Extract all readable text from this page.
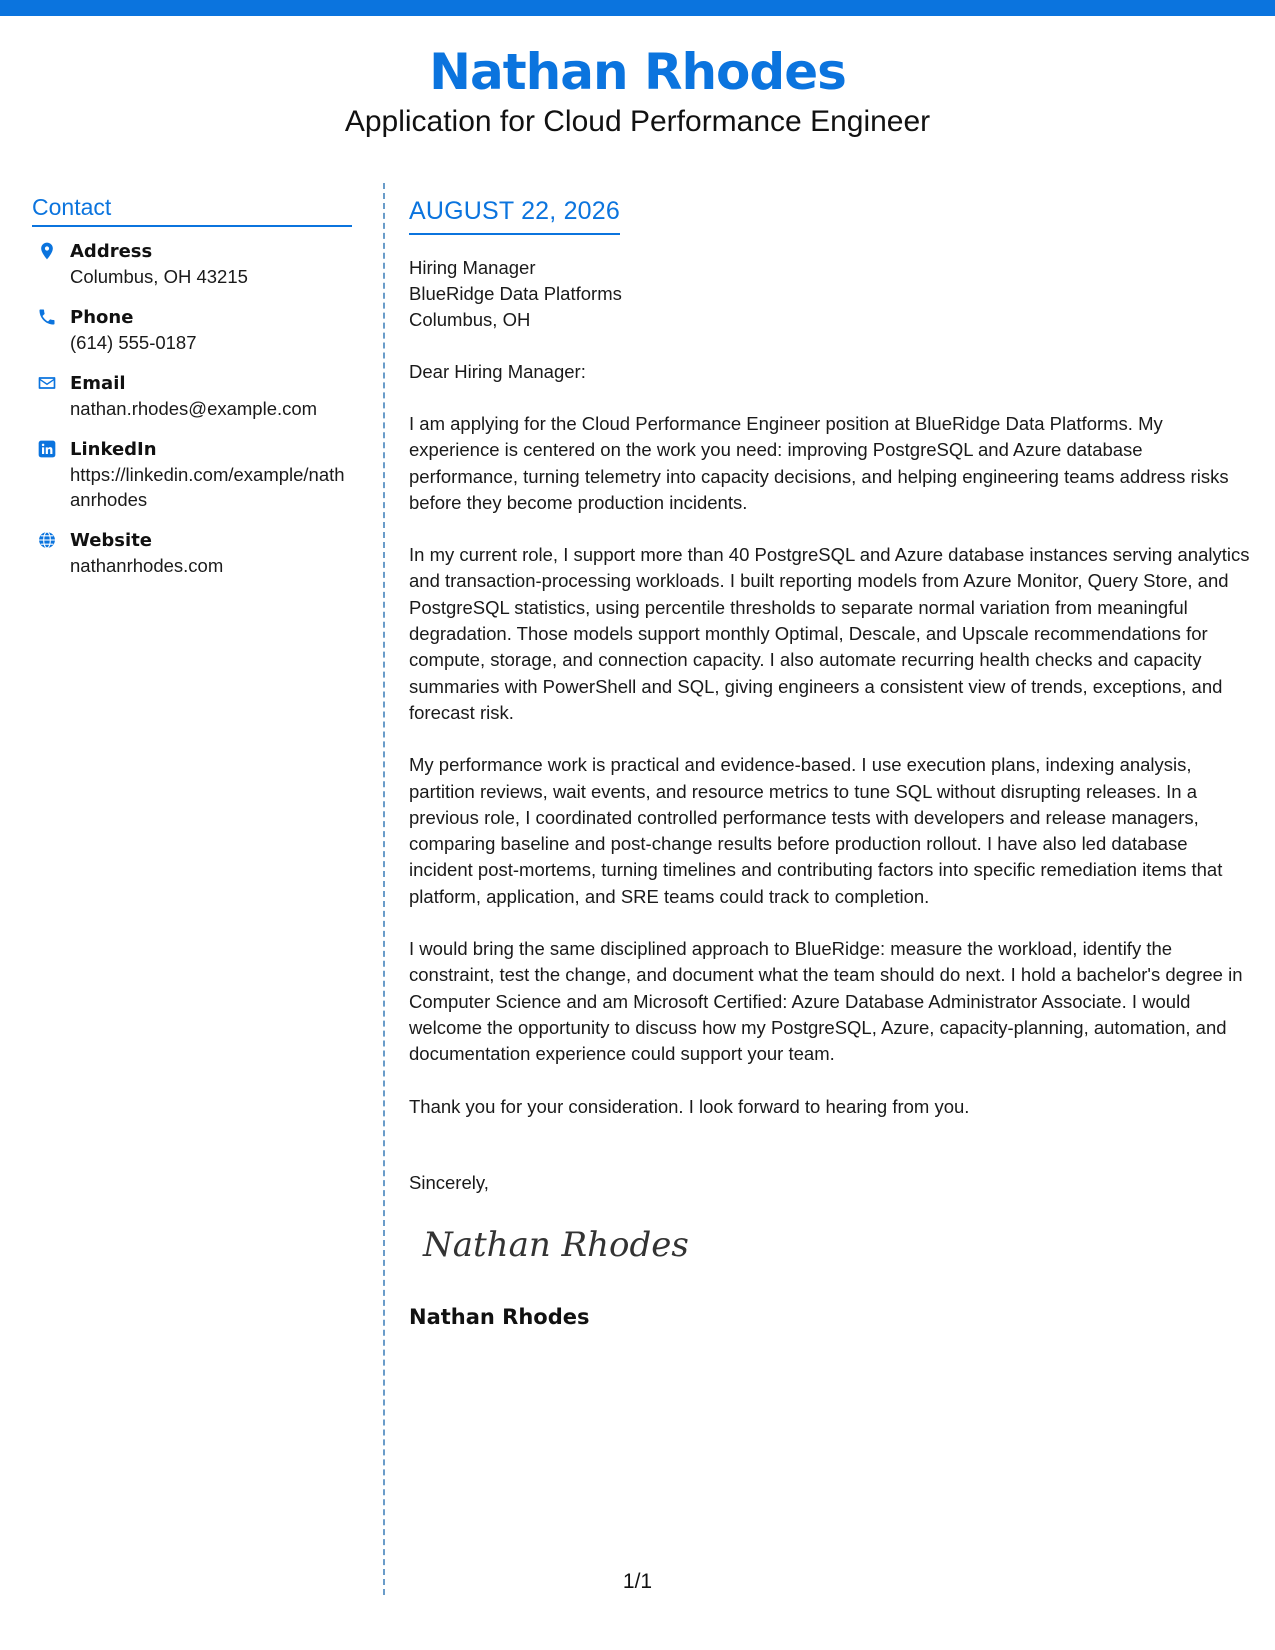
Nathan Rhodes
Application for Cloud Performance Engineer
Contact
Address
Columbus, OH 43215
Phone
(614) 555-0187
Email
nathan.rhodes@example.com
LinkedIn
https://linkedin.com/example/nathanrhodes
Website
nathanrhodes.com
AUGUST 22, 2026
Hiring Manager
BlueRidge Data Platforms
Columbus, OH
Dear Hiring Manager:

I am applying for the Cloud Performance Engineer position at BlueRidge Data Platforms. My experience is centered on the work you need: improving PostgreSQL and Azure database performance, turning telemetry into capacity decisions, and helping engineering teams address risks before they become production incidents.

In my current role, I support more than 40 PostgreSQL and Azure database instances serving analytics and transaction-processing workloads. I built reporting models from Azure Monitor, Query Store, and PostgreSQL statistics, using percentile thresholds to separate normal variation from meaningful degradation. Those models support monthly Optimal, Descale, and Upscale recommendations for compute, storage, and connection capacity. I also automate recurring health checks and capacity summaries with PowerShell and SQL, giving engineers a consistent view of trends, exceptions, and forecast risk.

My performance work is practical and evidence-based. I use execution plans, indexing analysis, partition reviews, wait events, and resource metrics to tune SQL without disrupting releases. In a previous role, I coordinated controlled performance tests with developers and release managers, comparing baseline and post-change results before production rollout. I have also led database incident post-mortems, turning timelines and contributing factors into specific remediation items that platform, application, and SRE teams could track to completion.

I would bring the same disciplined approach to BlueRidge: measure the workload, identify the constraint, test the change, and document what the team should do next. I hold a bachelor's degree in Computer Science and am Microsoft Certified: Azure Database Administrator Associate. I would welcome the opportunity to discuss how my PostgreSQL, Azure, capacity-planning, automation, and documentation experience could support your team.

Thank you for your consideration. I look forward to hearing from you.

Sincerely,
Nathan Rhodes
Nathan Rhodes
1/1
